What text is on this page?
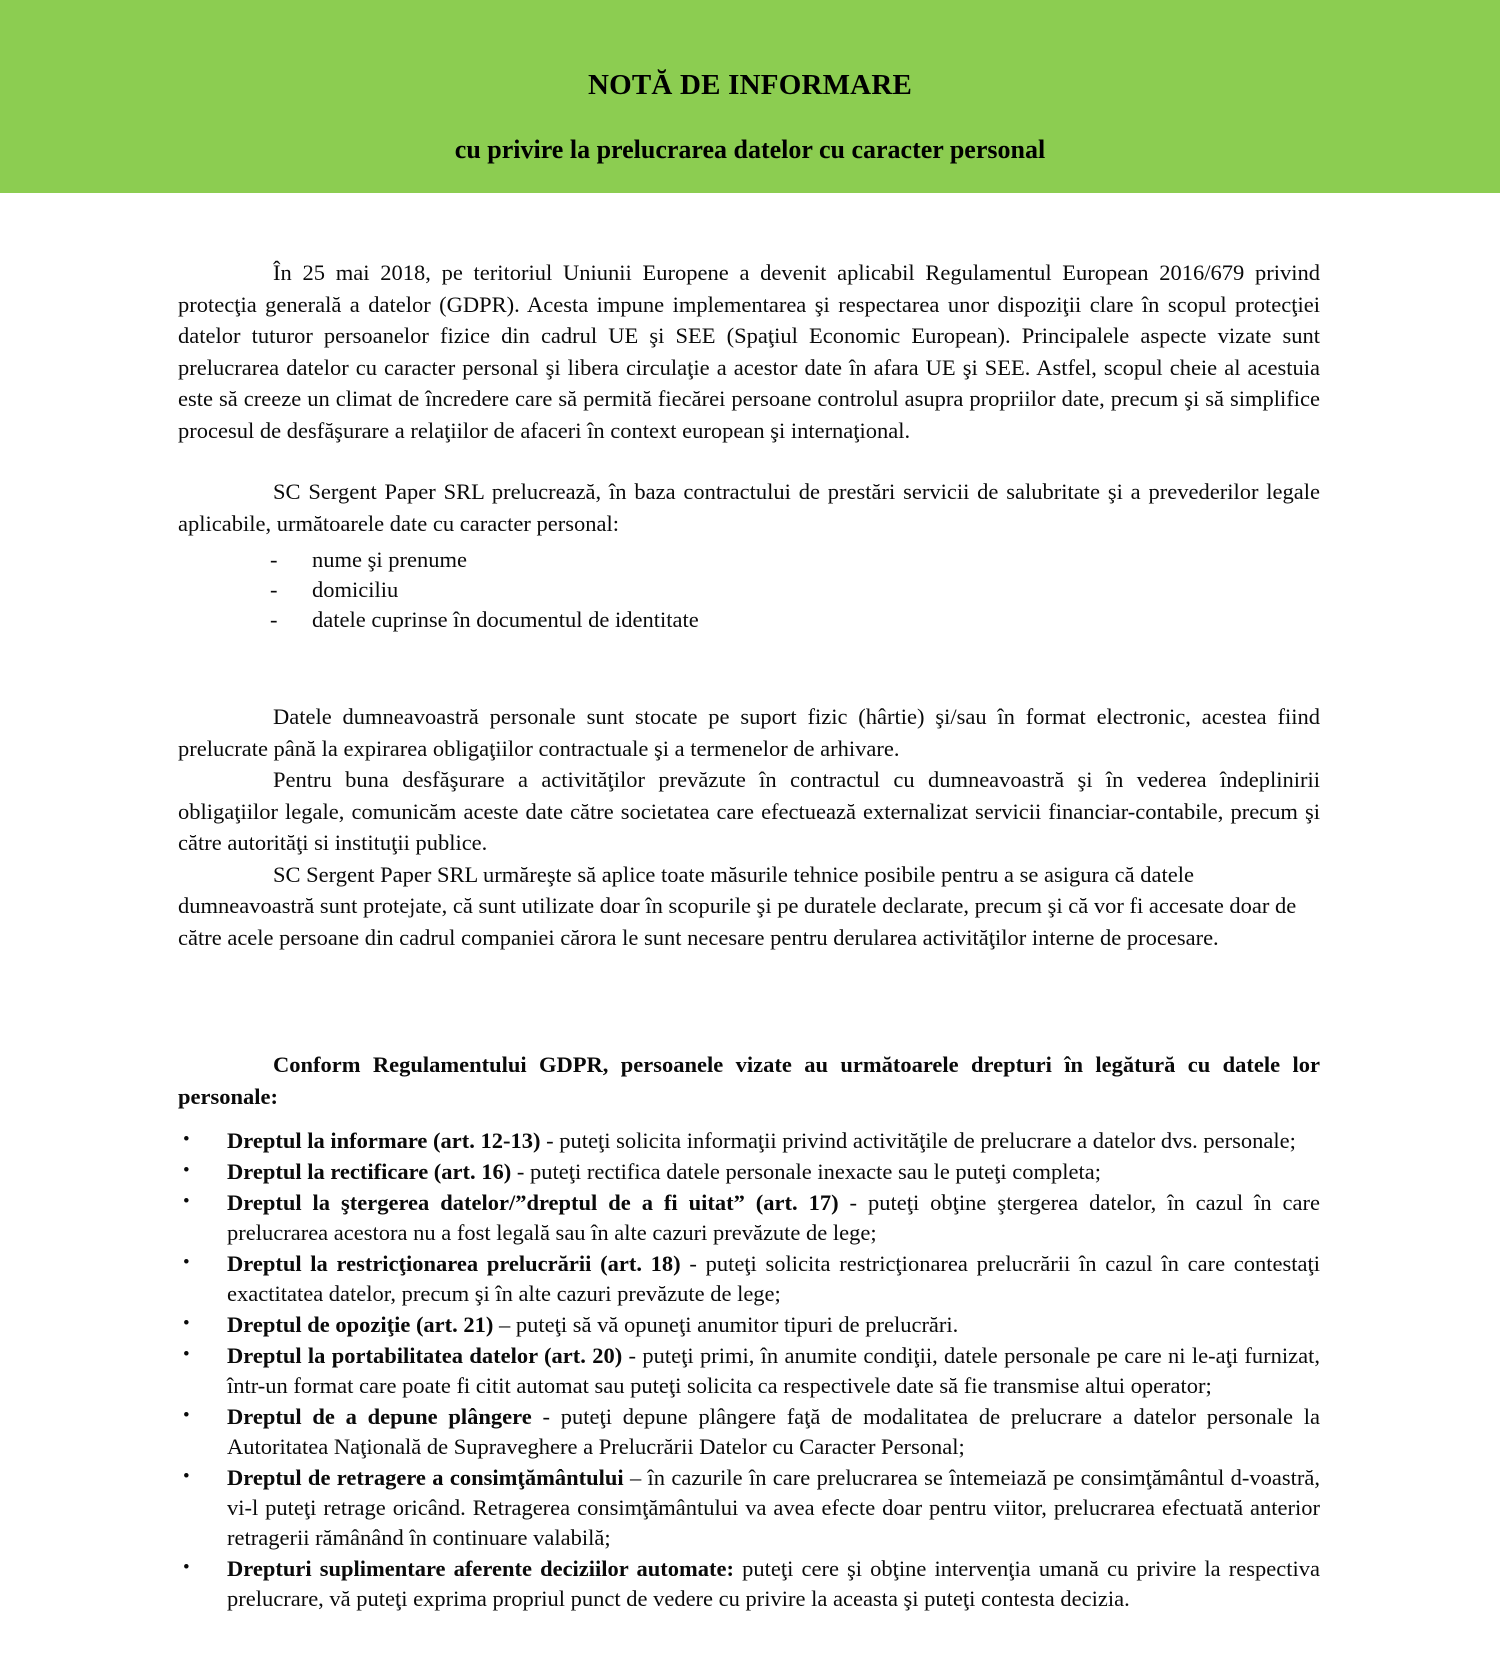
NOTĂ DE INFORMARE
cu privire la prelucrarea datelor cu caracter personal

În 25 mai 2018, pe teritoriul Uniunii Europene a devenit aplicabil Regulamentul European 2016/679 privind protecţia generală a datelor (GDPR). Acesta impune implementarea şi respectarea unor dispoziţii clare în scopul protecţiei datelor tuturor persoanelor fizice din cadrul UE şi SEE (Spaţiul Economic European). Principalele aspecte vizate sunt prelucrarea datelor cu caracter personal şi libera circulaţie a acestor date în afara UE şi SEE. Astfel, scopul cheie al acestuia este să creeze un climat de încredere care să permită fiecărei persoane controlul asupra propriilor date, precum şi să simplifice procesul de desfăşurare a relaţiilor de afaceri în context european şi internaţional.

SC Sergent Paper SRL prelucrează, în baza contractului de prestări servicii de salubritate şi a prevederilor legale aplicabile, următoarele date cu caracter personal:

- nume şi prenume
- domiciliu
- datele cuprinse în documentul de identitate

Datele dumneavoastră personale sunt stocate pe suport fizic (hârtie) şi/sau în format electronic, acestea fiind prelucrate până la expirarea obligaţiilor contractuale şi a termenelor de arhivare.

Pentru buna desfăşurare a activităţilor prevăzute în contractul cu dumneavoastră şi în vederea îndeplinirii obligaţiilor legale, comunicăm aceste date către societatea care efectuează externalizat servicii financiar-contabile, precum şi către autorităţi si instituţii publice.

SC Sergent Paper SRL urmăreşte să aplice toate măsurile tehnice posibile pentru a se asigura că datele dumneavoastră sunt protejate, că sunt utilizate doar în scopurile şi pe duratele declarate, precum şi că vor fi accesate doar de către acele persoane din cadrul companiei cărora le sunt necesare pentru derularea activităţilor interne de procesare.

Conform Regulamentului GDPR, persoanele vizate au următoarele drepturi în legătură cu datele lor personale:

• Dreptul la informare (art. 12-13) - puteţi solicita informaţii privind activităţile de prelucrare a datelor dvs. personale;
• Dreptul la rectificare (art. 16) - puteţi rectifica datele personale inexacte sau le puteţi completa;
• Dreptul la ştergerea datelor/”dreptul de a fi uitat” (art. 17) - puteţi obţine ştergerea datelor, în cazul în care prelucrarea acestora nu a fost legală sau în alte cazuri prevăzute de lege;
• Dreptul la restricţionarea prelucrării (art. 18) - puteţi solicita restricţionarea prelucrării în cazul în care contestaţi exactitatea datelor, precum şi în alte cazuri prevăzute de lege;
• Dreptul de opoziţie (art. 21) – puteţi să vă opuneţi anumitor tipuri de prelucrări.
• Dreptul la portabilitatea datelor (art. 20) - puteţi primi, în anumite condiţii, datele personale pe care ni le-aţi furnizat, într-un format care poate fi citit automat sau puteţi solicita ca respectivele date să fie transmise altui operator;
• Dreptul de a depune plângere - puteţi depune plângere faţă de modalitatea de prelucrare a datelor personale la Autoritatea Naţională de Supraveghere a Prelucrării Datelor cu Caracter Personal;
• Dreptul de retragere a consimţământului – în cazurile în care prelucrarea se întemeiază pe consimţământul d-voastră, vi-l puteţi retrage oricând. Retragerea consimţământului va avea efecte doar pentru viitor, prelucrarea efectuată anterior retragerii rămânând în continuare valabilă;
• Drepturi suplimentare aferente deciziilor automate: puteţi cere şi obţine intervenţia umană cu privire la respectiva prelucrare, vă puteţi exprima propriul punct de vedere cu privire la aceasta şi puteţi contesta decizia.
